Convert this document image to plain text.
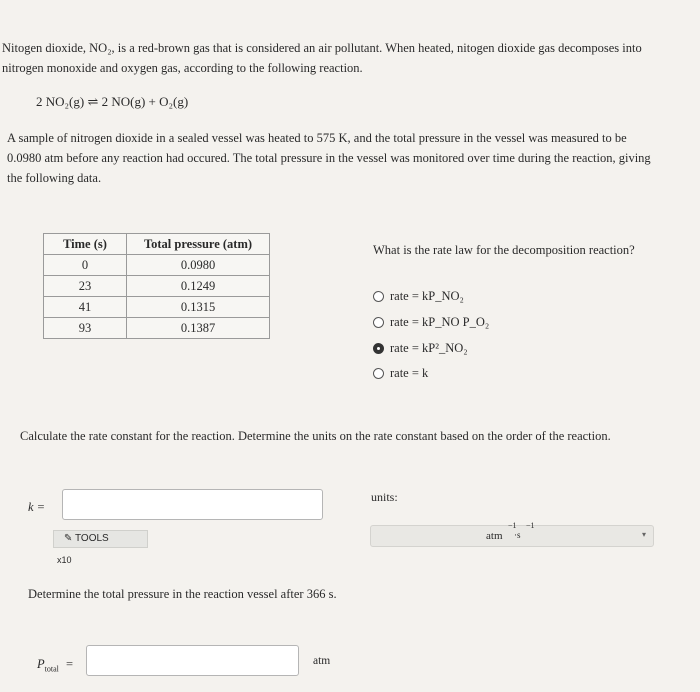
Nitogen dioxide, NO₂, is a red-brown gas that is considered an air pollutant. When heated, nitogen dioxide gas decomposes into
nitrogen monoxide and oxygen gas, according to the following reaction.
2 NO₂(g) ⇌ 2 NO(g) + O₂(g)
A sample of nitrogen dioxide in a sealed vessel was heated to 575 K, and the total pressure in the vessel was measured to be
0.0980 atm before any reaction had occured. The total pressure in the vessel was monitored over time during the reaction, giving
the following data.
Time (s)	Total pressure (atm)
0	0.0980
23	0.1249
41	0.1315
93	0.1387
What is the rate law for the decomposition reaction?
rate = kP_NO₂
rate = kP_NO P_O₂
rate = kP²_NO₂
rate = k
Calculate the rate constant for the reaction. Determine the units on the rate constant based on the order of the reaction.
k =
✎ TOOLS
x10
units:
atm
−1
·s
−1
▾
Determine the total pressure in the reaction vessel after 366 s.
$P_{total}$ =	atm
